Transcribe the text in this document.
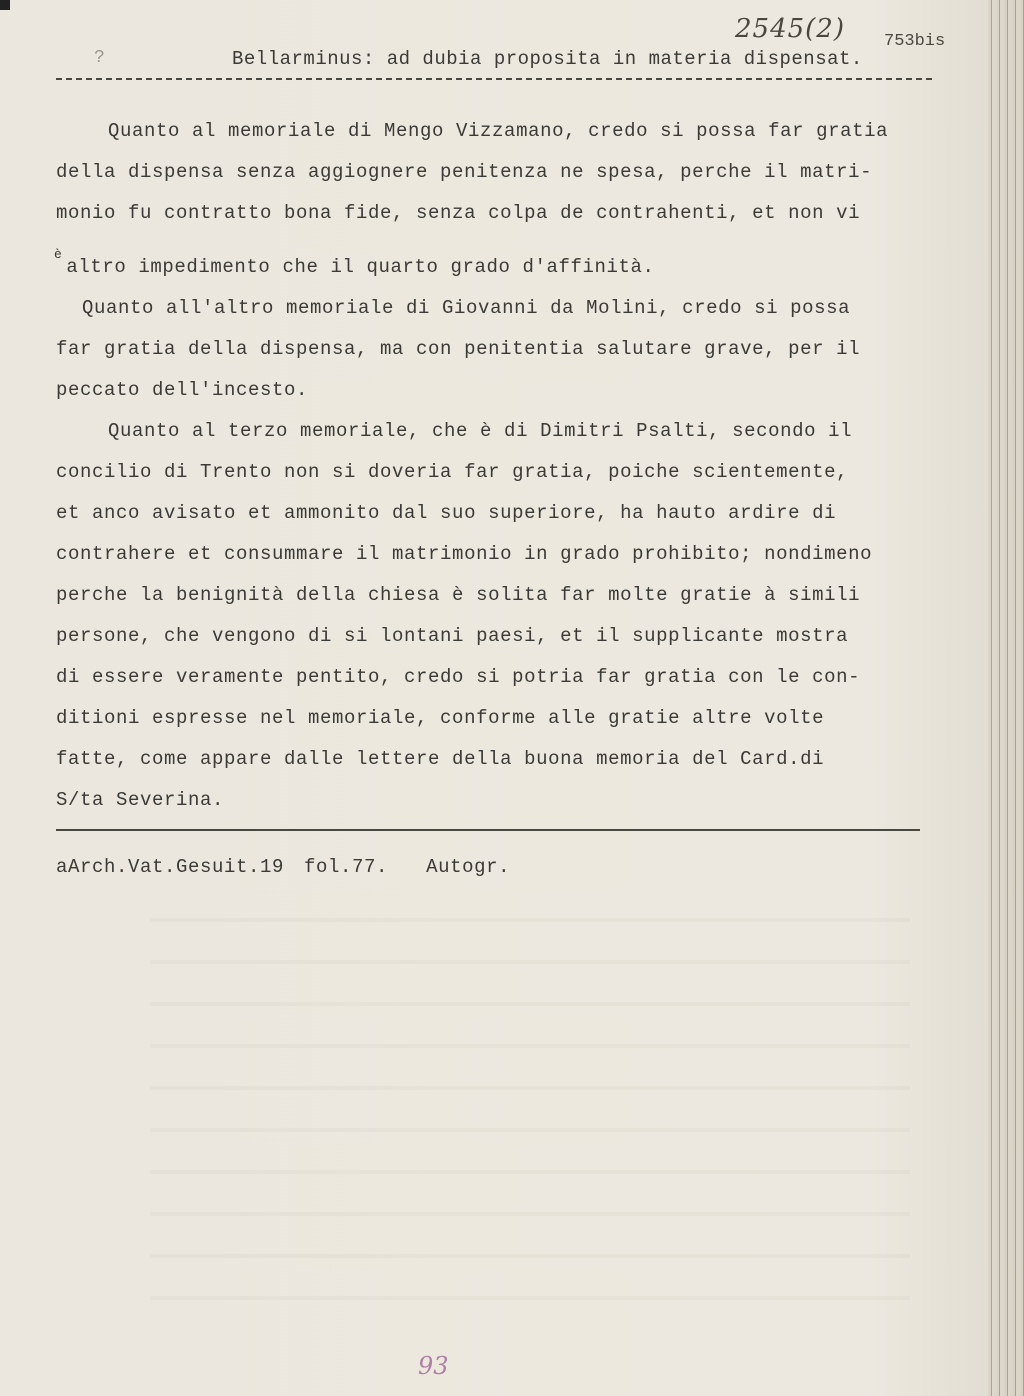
2545(2) 753bis
?	Bellarminus: ad dubia proposita in materia dispensat.

Quanto al memoriale di Mengo Vizzamano, credo si possa far gratia

della dispensa senza aggiognere penitenza ne spesa, perche il matri-

monio fu contratto bona fide, senza colpa de contrahenti, et non vi

$^è$altro impedimento che il quarto grado d'affinità.

Quanto all'altro memoriale di Giovanni da Molini, credo si possa

far gratia della dispensa, ma con penitentia salutare grave, per il

peccato dell'incesto.

Quanto al terzo memoriale, che è di Dimitri Psalti, secondo il

concilio di Trento non si doveria far gratia, poiche scientemente,

et anco avisato et ammonito dal suo superiore, ha hauto ardire di

contrahere et consummare il matrimonio in grado prohibito; nondimeno

perche la benignità della chiesa è solita far molte gratie à simili

persone, che vengono di si lontani paesi, et il supplicante mostra

di essere veramente pentito, credo si potria far gratia con le con-

ditioni espresse nel memoriale, conforme alle gratie altre volte

fatte, come appare dalle lettere della buona memoria del Card.di

S/ta Severina.

aArch.Vat.Gesuit.19 fol.77. Autogr.
93
